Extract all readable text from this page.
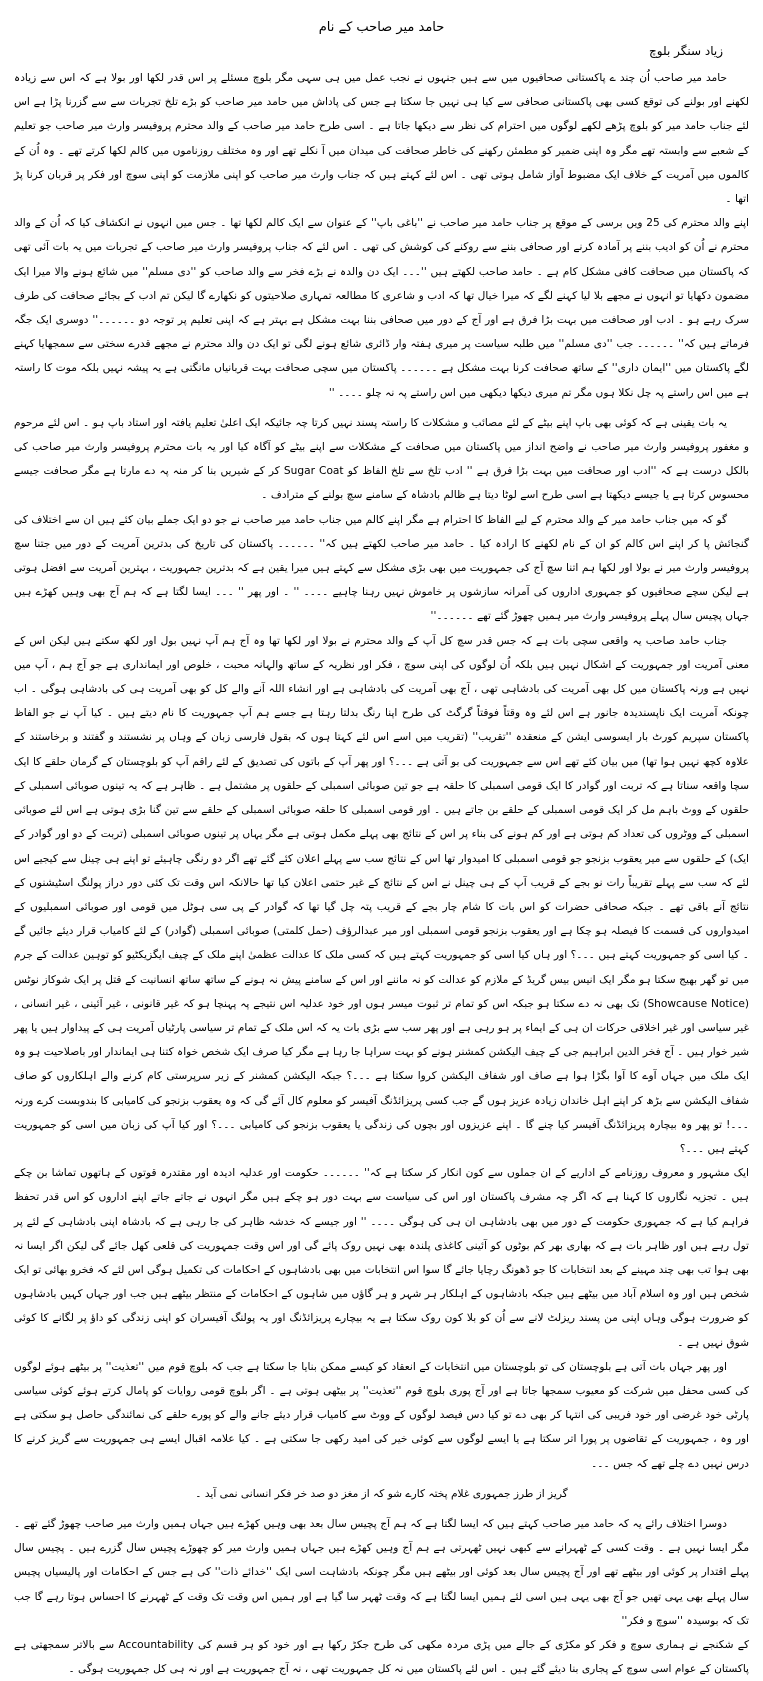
حامد میر صاحب کے نام
زیاد سنگر بلوچ

حامد میر صاحب اُن چند ے پاکستانی صحافیوں میں سے ہیں جنہوں نے نجب عمل میں ہی سہی مگر بلوچ مسئلے پر اس قدر لکھا اور بولا ہے کہ اس سے زیادہ لکھنے اور بولنے کی توقع کسی بھی پاکستانی صحافی سے کیا ہی نہیں جا سکتا ہے جس کی پاداش میں حامد میر صاحب کو بڑے تلخ تجربات سے سے گزرنا پڑا ہے اس لئے جناب حامد میر کو بلوچ پڑھے لکھے لوگوں میں احترام کی نظر سے دیکھا جاتا ہے ۔ اسی طرح حامد میر صاحب کے والد محترم پروفیسر وارث میر صاحب جو تعلیم کے شعبے سے وابستہ تھے مگر وہ اپنی ضمیر کو مطمئن رکھنے کی خاطر صحافت کی میدان میں آ نکلے تھے اور وہ مختلف روزناموں میں کالم لکھا کرتے تھے ۔ وہ اُن کے کالموں میں آمریت کے خلاف ایک مضبوط آواز شامل ہوتی تھی ۔ اس لئے کہتے ہیں کہ جناب وارث میر صاحب کو اپنی ملازمت کو اپنی سوچ اور فکر پر قربان کرنا پڑ اتھا ۔

اپنے والد محترم کی 25 ویں برسی کے موقع پر جناب حامد میر صاحب نے ''باغی باپ'' کے عنوان سے ایک کالم لکھا تھا ۔ جس میں انہوں نے انکشاف کیا کہ اُن کے والد محترم نے اُن کو ادیب بننے پر آمادہ کرنے اور صحافی بننے سے روکنے کی کوشش کی تھی ۔ اس لئے کہ جناب پروفیسر وارث میر صاحب کے تجربات میں یہ بات آئی تھی کہ پاکستان میں صحافت کافی مشکل کام ہے ۔ حامد صاحب لکھتے ہیں ''۔۔۔ ایک دن والدہ نے بڑے فخر سے والد صاحب کو ''دی مسلم'' میں شائع ہونے والا میرا ایک مضمون دکھایا تو انہوں نے مجھے بلا لیا کہنے لگے کہ میرا خیال تھا کہ ادب و شاعری کا مطالعہ تمہاری صلاحیتوں کو نکھارے گا لیکن تم ادب کے بجائے صحافت کی طرف سرک رہے ہو ۔ ادب اور صحافت میں بہت بڑا فرق ہے اور آج کے دور میں صحافی بننا بہت مشکل ہے بہتر ہے کہ اپنی تعلیم پر توجہ دو ۔۔۔۔۔۔'' دوسری ایک جگہ فرماتے ہیں کہ'' ۔۔۔۔۔۔ جب ''دی مسلم'' میں طلبہ سیاست پر میری ہفتہ وار ڈائری شائع ہونے لگی تو ایک دن والد محترم نے مجھے قدرے سختی سے سمجھایا کہنے لگے پاکستان میں ''ایمان داری'' کے ساتھ صحافت کرنا بہت مشکل ہے ۔۔۔۔۔۔ پاکستان میں سچی صحافت بہت قربانیاں مانگتی ہے یہ پیشہ نہیں بلکہ موت کا راستہ ہے میں اس راستے پہ چل نکلا ہوں مگر تم میری دیکھا دیکھی میں اس راستے پہ نہ چلو ۔۔۔۔ ''

یہ بات یقینی ہے کہ کوئی بھی باپ اپنے بیٹے کے لئے مصائب و مشکلات کا راستہ پسند نہیں کرتا چہ جائیکہ ایک اعلیٰ تعلیم یافتہ اور استاد باپ ہو ۔ اس لئے مرحوم و مغفور پروفیسر وارث میر صاحب نے واضح انداز میں پاکستان میں صحافت کے مشکلات سے اپنے بیٹے کو آگاہ کیا اور یہ بات محترم پروفیسر وارث میر صاحب کی بالکل درست ہے کہ ''ادب اور صحافت میں بہت بڑا فرق ہے '' ادب تلخ سے تلخ الفاظ کو Sugar Coat کر کے شیریں بنا کر منہ پہ دے مارتا ہے مگر صحافت جیسے محسوس کرتا ہے یا جیسے دیکھتا ہے اسی طرح اسے لوٹا دیتا ہے ظالم بادشاہ کے سامنے سچ بولنے کے مترادف ۔

گو کہ میں جناب حامد میر کے والد محترم کے لیے الفاظ کا احترام ہے مگر اپنے کالم میں جناب حامد میر صاحب نے جو دو ایک جملے بیان کئے ہیں ان سے اختلاف کی گنجائش پا کر اپنے اس کالم کو ان کے نام لکھنے کا ارادہ کیا ۔ حامد میر صاحب لکھتے ہیں کہ'' ۔۔۔۔۔۔ پاکستان کی تاریخ کی بدترین آمریت کے دور میں جتنا سچ پروفیسر وارث میر نے بولا اور لکھا ہم اتنا سچ آج کی جمہوریت میں بھی بڑی مشکل سے کہتے ہیں میرا یقین ہے کہ بدترین جمہوریت ، بہترین آمریت سے افضل ہوتی ہے لیکن سچے صحافیوں کو جمہوری اداروں کی آمرانہ سازشوں پر خاموش نہیں رہنا چاہیے ۔۔۔۔ '' ۔ اور پھر '' ۔۔۔ ایسا لگتا ہے کہ ہم آج بھی وہیں کھڑے ہیں جہاں پچیس سال پہلے پروفیسر وارث میر ہمیں چھوڑ گئے تھے ۔۔۔۔۔۔''

جناب حامد صاحب یہ واقعی سچی بات ہے کہ جس قدر سچ کل آپ کے والد محترم نے بولا اور لکھا تھا وہ آج ہم آپ نہیں بول اور لکھ سکتے ہیں لیکن اس کے معنی آمریت اور جمہوریت کے اشکال نہیں ہیں بلکہ اُن لوگوں کی اپنی سوچ ، فکر اور نظریہ کے ساتھ والہانہ محبت ، خلوص اور ایمانداری ہے جو آج ہم ، آپ میں نہیں ہے ورنہ پاکستان میں کل بھی آمریت کی بادشاہی تھی ، آج بھی آمریت کی بادشاہی ہے اور انشاء اللہ آنے والے کل کو بھی آمریت ہی کی بادشاہی ہوگی ۔ اب چونکہ آمریت ایک ناپسندیدہ جانور ہے اس لئے وہ وقتاً فوقتاً گرگٹ کی طرح اپنا رنگ بدلتا رہتا ہے جسے ہم آپ جمہوریت کا نام دیتے ہیں ۔ کیا آپ نے جو الفاظ پاکستان سپریم کورٹ بار ایسوسی ایشن کے منعقدہ ''تقریب'' (تقریب میں اسے اس لئے کہتا ہوں کہ بقول فارسی زبان کے وہاں پر نشستند و گفتند و برخاستند کے علاوہ کچھ نہیں ہوا تھا) میں بیان کئے تھے اس سے جمہوریت کی بو آتی ہے ۔۔۔؟ اور پھر آپ کے باتوں کی تصدیق کے لئے راقم آپ کو بلوچستان کے گرمان حلقے کا ایک سچا واقعہ سناتا ہے کہ تربت اور گوادر کا ایک قومی اسمبلی کا حلقہ ہے جو تین صوبائی اسمبلی کے حلقوں پر مشتمل ہے ۔ ظاہر ہے کہ یہ تینوں صوبائی اسمبلی کے حلقوں کے ووٹ باہم مل کر ایک قومی اسمبلی کے حلقے بن جاتے ہیں ۔ اور قومی اسمبلی کا حلقہ صوبائی اسمبلی کے حلقے سے تین گنا بڑی ہوتی ہے اس لئے صوبائی اسمبلی کے ووٹروں کی تعداد کم ہوتی ہے اور کم ہونے کی بناء پر اس کے نتائج بھی پہلے مکمل ہوتی ہے مگر یہاں پر تینوں صوبائی اسمبلی (تربت کے دو اور گوادر کے ایک) کے حلقوں سے میر یعقوب بزنجو جو قومی اسمبلی کا امیدوار تھا اس کے نتائج سب سے پہلے اعلان کئے گئے تھے اگر دو رنگی چاہیئے تو اپنے ہی چینل سے کیجیے اس لئے کہ سب سے پہلے تقریباً رات نو بجے کے قریب آپ کے ہی چینل نے اس کے نتائج کے غیر حتمی اعلان کیا تھا حالانکہ اس وقت تک کئی دور دراز پولنگ اسٹیشنوں کے نتائج آنے باقی تھے ۔ جبکہ صحافی حضرات کو اس بات کا شام چار بجے کے قریب پتہ چل گیا تھا کہ گوادر کے پی سی ہوٹل میں قومی اور صوبائی اسمبلیوں کے امیدواروں کی قسمت کا فیصلہ ہو چکا ہے اور یعقوب بزنجو قومی اسمبلی اور میر عبدالرؤف (حمل کلمتی) صوبائی اسمبلی (گوادر) کے لئے کامیاب قرار دیئے جائیں گے ۔ کیا اسی کو جمہوریت کہتے ہیں ۔۔۔؟ اور ہاں کیا اسی کو جمہوریت کہتے ہیں کہ کسی ملک کا عدالت عظمیٰ اپنے ملک کے چیف ایگزیکٹیو کو توہین عدالت کے جرم میں تو گھر بھیج سکتا ہو مگر ایک انیس بیس گریڈ کے ملازم کو عدالت کو نہ ماننے اور اس کے سامنے پیش نہ ہونے کے ساتھ ساتھ انسانیت کے قتل پر ایک شوکاز نوٹس (Showcause Notice) تک بھی نہ دے سکتا ہو جبکہ اس کو تمام تر ثبوت میسر ہوں اور خود عدلیہ اس نتیجے پہ پہنچا ہو کہ غیر قانونی ، غیر آئینی ، غیر انسانی ، غیر سیاسی اور غیر اخلاقی حرکات ان ہی کے ایماء پر ہو رہی ہے اور پھر سب سے بڑی بات یہ کہ اس ملک کے تمام تر سیاسی پارٹیاں آمریت ہی کے پیداوار ہیں یا پھر شیر خوار ہیں ۔ آج فخر الدین ابراہیم جی کے چیف الیکشن کمشنر ہونے کو بہت سراہا جا رہا ہے مگر کیا صرف ایک شخص خواہ کتنا ہی ایماندار اور باصلاحیت ہو وہ ایک ملک میں جہاں آوے کا آوا بگڑا ہوا ہے صاف اور شفاف الیکشن کروا سکتا ہے ۔۔۔؟ جبکہ الیکشن کمشنر کے زیر سرپرستی کام کرنے والے اہلکاروں کو صاف شفاف الیکشن سے بڑھ کر اپنے اہل خاندان زیادہ عزیز ہوں گے جب کسی پریزائڈنگ آفیسر کو معلوم کال آئے گی کہ وہ یعقوب بزنجو کی کامیابی کا بندوبست کرے ورنہ ۔۔۔! تو پھر وہ بیچارہ پریزائڈنگ آفیسر کیا چنے گا ۔ اپنے عزیزوں اور بچوں کی زندگی یا یعقوب بزنجو کی کامیابی ۔۔۔؟ اور کیا آپ کی زبان میں اسی کو جمہوریت کہتے ہیں ۔۔۔؟

ایک مشہور و معروف روزنامے کے اداریے کے ان جملوں سے کون انکار کر سکتا ہے کہ'' ۔۔۔۔۔۔ حکومت اور عدلیہ ادیدہ اور مقتدرہ قوتوں کے ہاتھوں تماشا بن چکے ہیں ۔ تجزیہ نگاروں کا کہنا ہے کہ اگر چہ مشرف پاکستان اور اس کی سیاست سے بہت دور ہو چکے ہیں مگر انہوں نے جاتے جاتے اپنے اداروں کو اس قدر تحفظ فراہم کیا ہے کہ جمہوری حکومت کے دور میں بھی بادشاہی ان ہی کی ہوگی ۔۔۔۔ '' اور جیسے کہ خدشہ ظاہر کی جا رہی ہے کہ بادشاہ اپنی بادشاہی کے لئے پر تول رہے ہیں اور ظاہر بات ہے کہ بھاری بھر کم بوٹوں کو آئینی کاغذی پلندہ بھی نہیں روک پائے گی اور اس وقت جمہوریت کی قلعی کھل جائے گی لیکن اگر ایسا نہ بھی ہوا تب بھی چند مہینے کے بعد انتخابات کا جو ڈھونگ رچایا جائے گا سوا اس انتخابات میں بھی بادشاہوں کے احکامات کی تکمیل ہوگی اس لئے کہ فخرو بھائی تو ایک شخص ہیں اور وہ اسلام آباد میں بیٹھے ہیں جبکہ بادشاہوں کے اہلکار ہر شہر و ہر گاؤں میں شاہوں کے احکامات کے منتظر بیٹھے ہیں جب اور جہاں کہیں بادشاہوں کو ضرورت ہوگی وہاں اپنی من پسند ریزلٹ لانے سے اُن کو بلا کون روک سکتا ہے یہ بیچارے پریزائڈنگ اور یہ پولنگ آفیسران کو اپنی زندگی کو داؤ پر لگانے کا کوئی شوق نہیں ہے ۔

اور پھر جہاں بات آتی ہے بلوچستان کی تو بلوچستان میں انتخابات کے انعقاد کو کیسے ممکن بنایا جا سکتا ہے جب کہ بلوچ قوم میں ''تعذیت'' پر بیٹھے ہوئے لوگوں کی کسی محفل میں شرکت کو معیوب سمجھا جاتا ہے اور آج پوری بلوچ قوم ''تعذیت'' پر بیٹھی ہوتی ہے ۔ اگر بلوچ قومی روایات کو پامال کرتے ہوئے کوئی سیاسی پارٹی خود غرضی اور خود فریبی کی انتہا کر بھی دے تو کیا دس فیصد لوگوں کے ووٹ سے کامیاب قرار دیئے جانے والے کو پورے حلقے کی نمائندگی حاصل ہو سکتی ہے اور وہ ، جمہوریت کے تقاضوں پر پورا اتر سکتا ہے یا ایسے لوگوں سے کوئی خیر کی امید رکھی جا سکتی ہے ۔ کیا علامہ اقبال ایسے ہی جمہوریت سے گریز کرنے کا درس نہیں دے چلے تھے کہ جس ۔۔۔

گریز از طرز جمہوری غلام پختہ کارے شو کہ از مغز دو صد خر فکر انسانی نمی آید ۔

دوسرا اختلاف رائے یہ کہ حامد میر صاحب کہتے ہیں کہ ایسا لگتا ہے کہ ہم آج پچیس سال بعد بھی وہیں کھڑے ہیں جہاں ہمیں وارث میر صاحب چھوڑ گئے تھے ۔ مگر ایسا نہیں ہے ۔ وقت کسی کے ٹھہرانے سے کبھی نہیں ٹھہرتی ہے ہم آج وہیں کھڑے ہیں جہاں ہمیں وارث میر کو چھوڑے پچیس سال گزرے ہیں ۔ پچیس سال پہلے اقتدار پر کوئی اور بیٹھے تھے اور آج پچیس سال بعد کوئی اور بیٹھے ہیں مگر چونکہ بادشاہت اسی ایک ''خدائے ذات'' کی ہے جس کے احکامات اور پالیسیاں پچیس سال پہلے بھی یہی تھیں جو آج بھی یہی ہیں اسی لئے ہمیں ایسا لگتا ہے کہ وقت ٹھہر سا گیا ہے اور ہمیں اس وقت تک وقت کے ٹھہرنے کا احساس ہوتا رہے گا جب تک کہ بوسیدہ ''سوچ و فکر''

کے شکنجے نے ہماری سوچ و فکر کو مکڑی کے جالے میں پڑی مردہ مکھی کی طرح جکڑ رکھا ہے اور خود کو ہر قسم کی Accountability سے بالاتر سمجھتی ہے پاکستان کے عوام اسی سوچ کے پجاری بنا دیئے گئے ہیں ۔ اس لئے پاکستان میں نہ کل جمہوریت تھی ، نہ آج جمہوریت ہے اور نہ ہی کل جمہوریت ہوگی ۔
